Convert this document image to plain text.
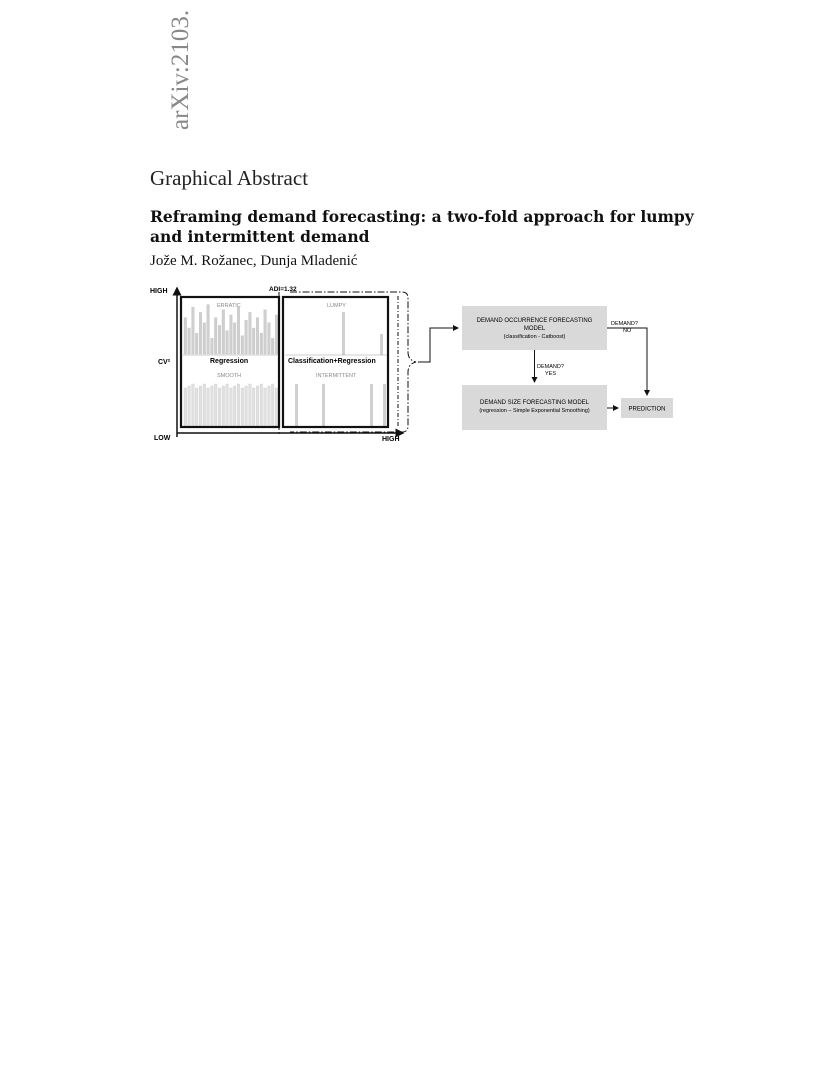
arXiv:2103.
Graphical Abstract
Reframing demand forecasting: a two-fold approach for lumpy and intermittent demand

Jože M. Rožanec, Dunja Mladenić

HIGH
CV²
LOW	HIGH
ADI=1.32
ERRATIC	LUMPY
Regression	Classification+Regression
SMOOTH	INTERMITTENT
DEMAND OCCURRENCE FORECASTING
MODEL
(classification - Catboost)
DEMAND SIZE FORECASTING MODEL
(regression – Simple Exponential Smoothing)	PREDICTION
DEMAND?
YES
DEMAND?
NO
